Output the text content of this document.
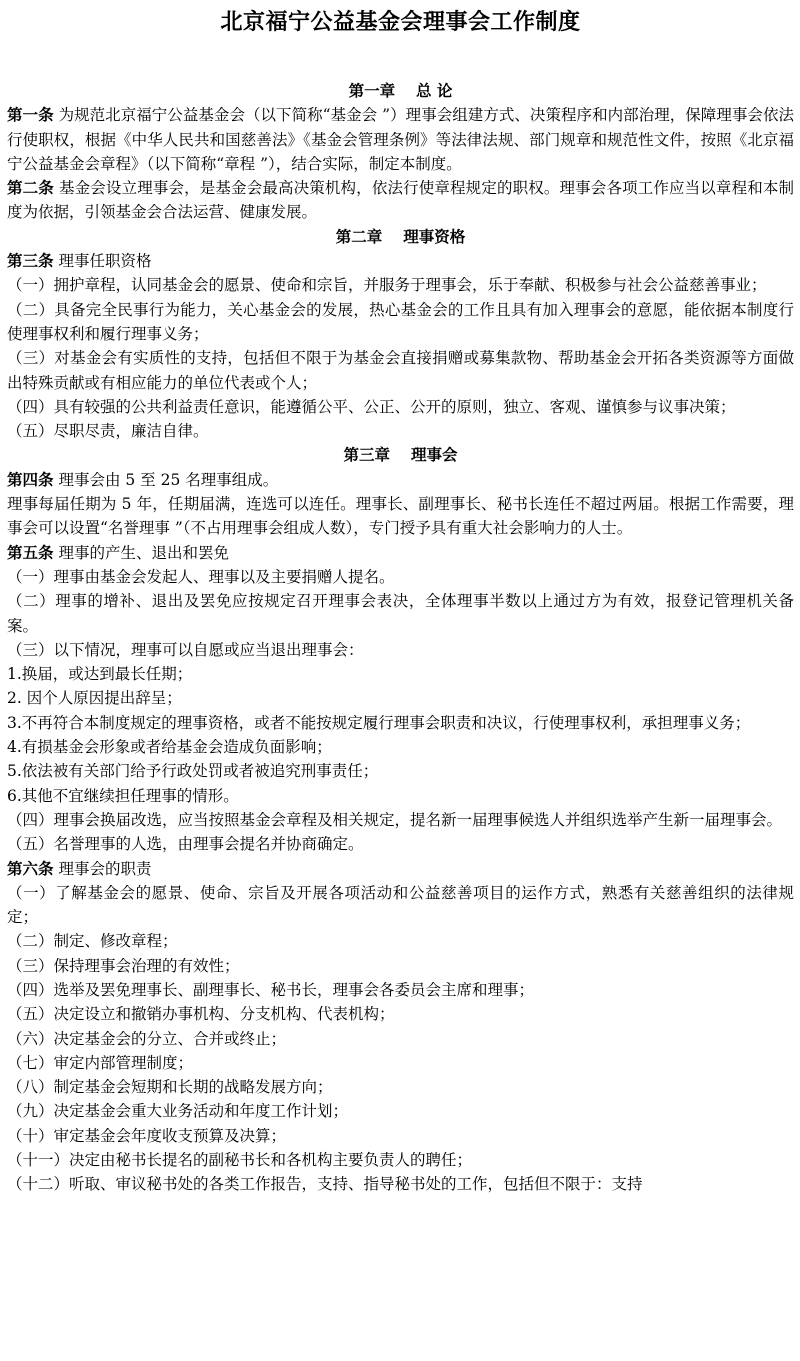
北京福宁公益基金会理事会工作制度
第一章　 总 论
第一条 为规范北京福宁公益基金会（以下简称“基金会 ”）理事会组建方式、决策程序和内部治理，保障理事会依法行使职权，根据《中华人民共和国慈善法》《基金会管理条例》等法律法规、部门规章和规范性文件，按照《北京福宁公益基金会章程》（以下简称“章程 ”），结合实际，制定本制度。
第二条 基金会设立理事会，是基金会最高决策机构，依法行使章程规定的职权。理事会各项工作应当以章程和本制度为依据，引领基金会合法运营、健康发展。
第二章　 理事资格
第三条 理事任职资格
（一）拥护章程，认同基金会的愿景、使命和宗旨，并服务于理事会，乐于奉献、积极参与社会公益慈善事业；
（二）具备完全民事行为能力，关心基金会的发展，热心基金会的工作且具有加入理事会的意愿，能依据本制度行使理事权利和履行理事义务；
（三）对基金会有实质性的支持，包括但不限于为基金会直接捐赠或募集款物、帮助基金会开拓各类资源等方面做出特殊贡献或有相应能力的单位代表或个人；
（四）具有较强的公共利益责任意识，能遵循公平、公正、公开的原则，独立、客观、谨慎参与议事决策；
（五）尽职尽责，廉洁自律。
第三章　 理事会
第四条 理事会由 5 至 25 名理事组成。
理事每届任期为 5 年，任期届满，连选可以连任。理事长、副理事长、秘书长连任不超过两届。根据工作需要，理事会可以设置“名誉理事 ”（不占用理事会组成人数），专门授予具有重大社会影响力的人士。
第五条 理事的产生、退出和罢免
（一）理事由基金会发起人、理事以及主要捐赠人提名。
（二）理事的增补、退出及罢免应按规定召开理事会表决，全体理事半数以上通过方为有效，报登记管理机关备案。
（三）以下情况，理事可以自愿或应当退出理事会：
1.换届，或达到最长任期；
2. 因个人原因提出辞呈；
3.不再符合本制度规定的理事资格，或者不能按规定履行理事会职责和决议，行使理事权利，承担理事义务；
4.有损基金会形象或者给基金会造成负面影响；
5.依法被有关部门给予行政处罚或者被追究刑事责任；
6.其他不宜继续担任理事的情形。
（四）理事会换届改选，应当按照基金会章程及相关规定，提名新一届理事候选人并组织选举产生新一届理事会。
（五）名誉理事的人选，由理事会提名并协商确定。
第六条 理事会的职责
（一）了解基金会的愿景、使命、宗旨及开展各项活动和公益慈善项目的运作方式，熟悉有关慈善组织的法律规定；
（二）制定、修改章程；
（三）保持理事会治理的有效性；
（四）选举及罢免理事长、副理事长、秘书长，理事会各委员会主席和理事；
（五）决定设立和撤销办事机构、分支机构、代表机构；
（六）决定基金会的分立、合并或终止；
（七）审定内部管理制度；
（八）制定基金会短期和长期的战略发展方向；
（九）决定基金会重大业务活动和年度工作计划；
（十）审定基金会年度收支预算及决算；
（十一）决定由秘书长提名的副秘书长和各机构主要负责人的聘任；
（十二）听取、审议秘书处的各类工作报告，支持、指导秘书处的工作，包括但不限于：支持
